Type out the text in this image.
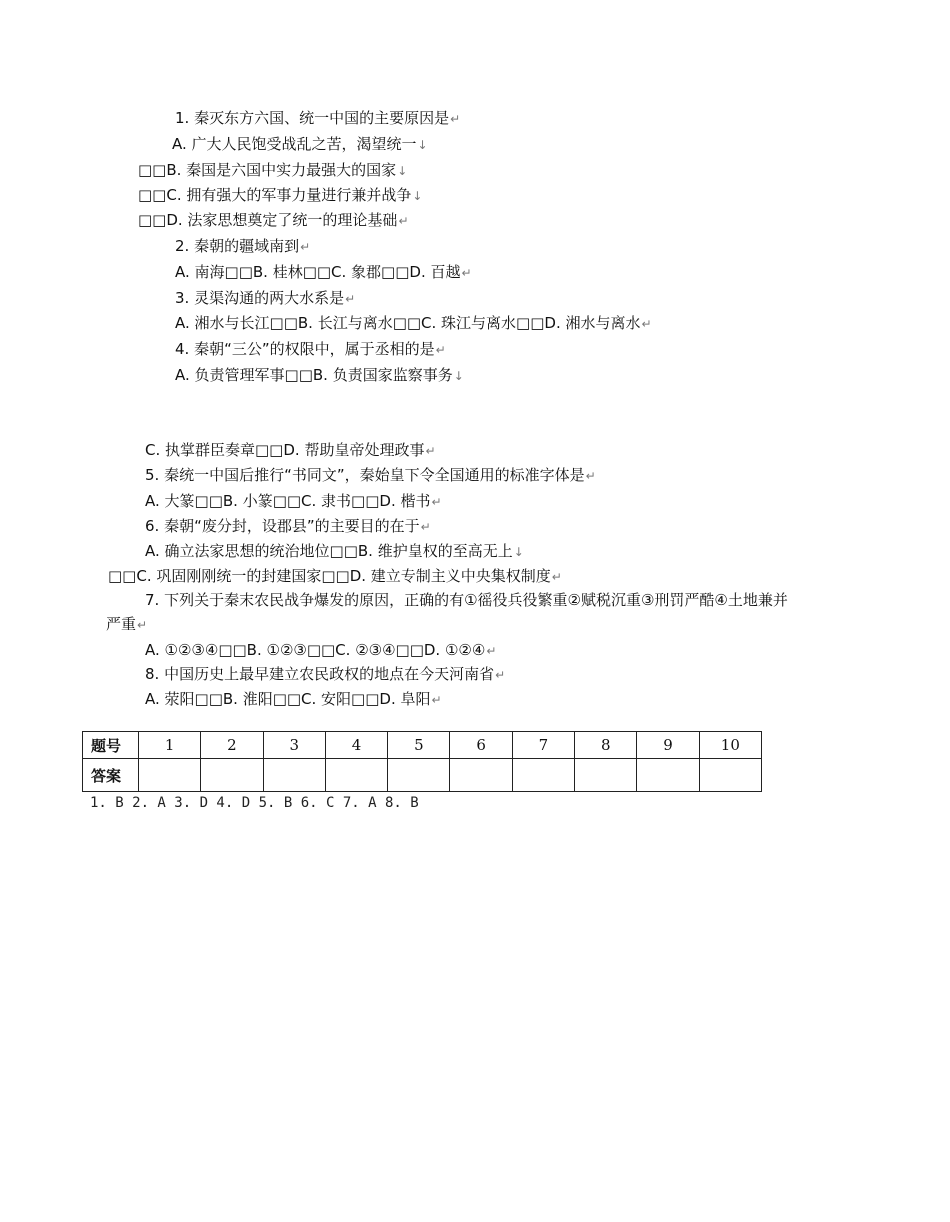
1. 秦灭东方六国、统一中国的主要原因是↵
A. 广大人民饱受战乱之苦，渴望统一↓
□□B. 秦国是六国中实力最强大的国家↓
□□C. 拥有强大的军事力量进行兼并战争↓
□□D. 法家思想奠定了统一的理论基础↵
2. 秦朝的疆域南到↵
A. 南海□□B. 桂林□□C. 象郡□□D. 百越↵
3. 灵渠沟通的两大水系是↵
A. 湘水与长江□□B. 长江与离水□□C. 珠江与离水□□D. 湘水与离水↵
4. 秦朝“三公”的权限中，属于丞相的是↵
A. 负责管理军事□□B. 负责国家监察事务↓
C. 执掌群臣奏章□□D. 帮助皇帝处理政事↵
5. 秦统一中国后推行“书同文”，秦始皇下令全国通用的标准字体是↵
A. 大篆□□B. 小篆□□C. 隶书□□D. 楷书↵
6. 秦朝“废分封，设郡县”的主要目的在于↵
A. 确立法家思想的统治地位□□B. 维护皇权的至高无上↓
□□C. 巩固刚刚统一的封建国家□□D. 建立专制主义中央集权制度↵
7. 下列关于秦末农民战争爆发的原因，正确的有①徭役兵役繁重②赋税沉重③刑罚严酷④土地兼并
严重↵
A. ①②③④□□B. ①②③□□C. ②③④□□D. ①②④↵
8. 中国历史上最早建立农民政权的地点在今天河南省↵
A. 荥阳□□B. 淮阳□□C. 安阳□□D. 阜阳↵
题号	1	2	3	4	5	6	7	8	9	10
答案										
1. B 2. A 3. D 4. D 5. B 6. C 7. A 8. B
